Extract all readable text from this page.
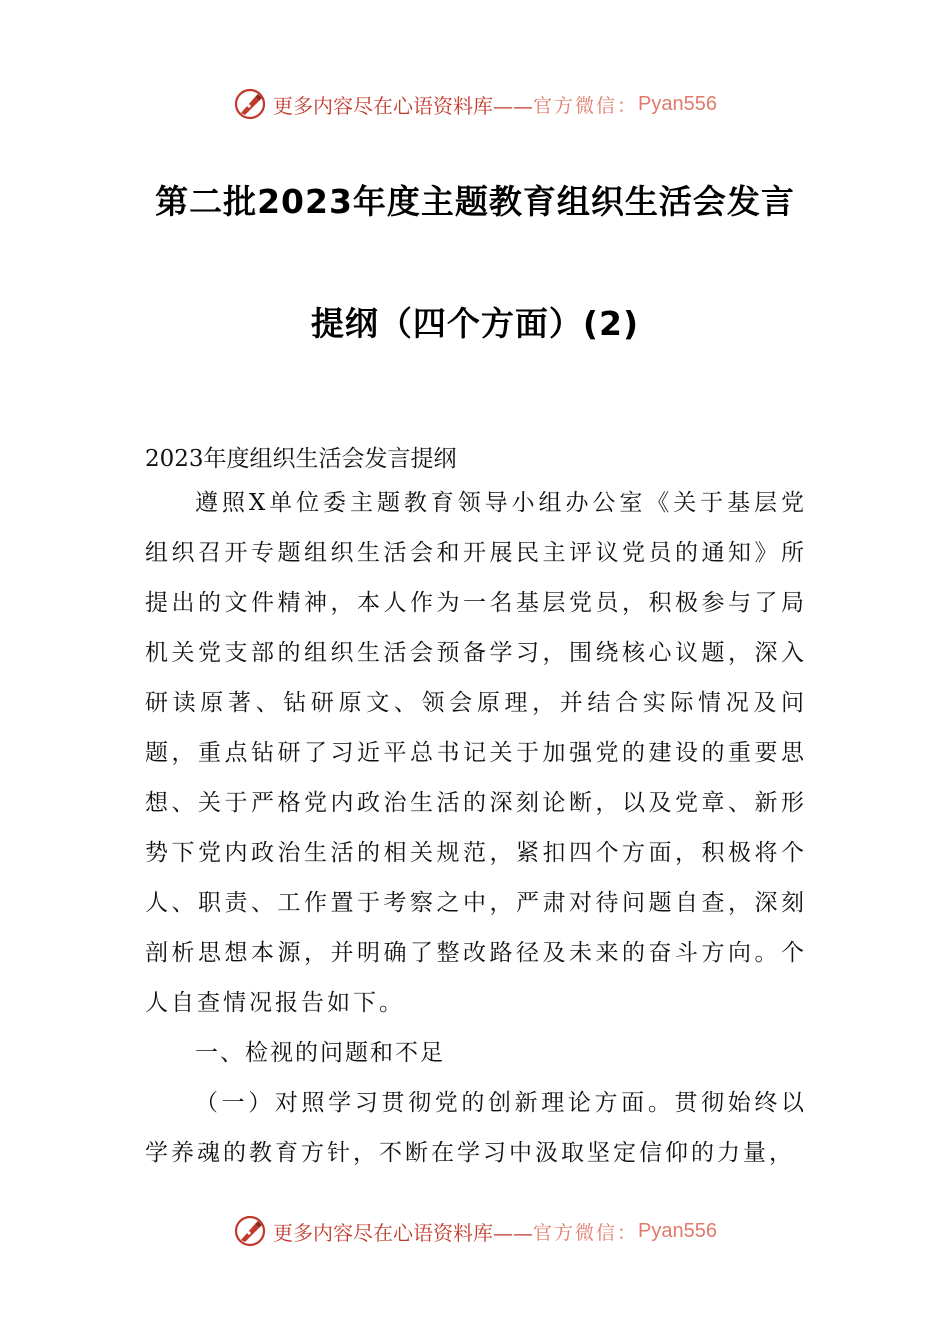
更多内容尽在心语资料库—— 官方微信： Pyan556
第二批2023年度主题教育组织生活会发言
提纲（四个方面）(2)
2023年度组织生活会发言提纲
遵照X单位委主题教育领导小组办公室《关于基层党组织召开专题组织生活会和开展民主评议党员的通知》所提出的文件精神，本人作为一名基层党员，积极参与了局机关党支部的组织生活会预备学习，围绕核心议题，深入研读原著、钻研原文、领会原理，并结合实际情况及问题，重点钻研了习近平总书记关于加强党的建设的重要思想、关于严格党内政治生活的深刻论断，以及党章、新形势下党内政治生活的相关规范，紧扣四个方面，积极将个人、职责、工作置于考察之中，严肃对待问题自查，深刻剖析思想本源，并明确了整改路径及未来的奋斗方向。个人自查情况报告如下。
一、检视的问题和不足
（一）对照学习贯彻党的创新理论方面。贯彻始终以学养魂的教育方针，不断在学习中汲取坚定信仰的力量，
更多内容尽在心语资料库—— 官方微信： Pyan556
